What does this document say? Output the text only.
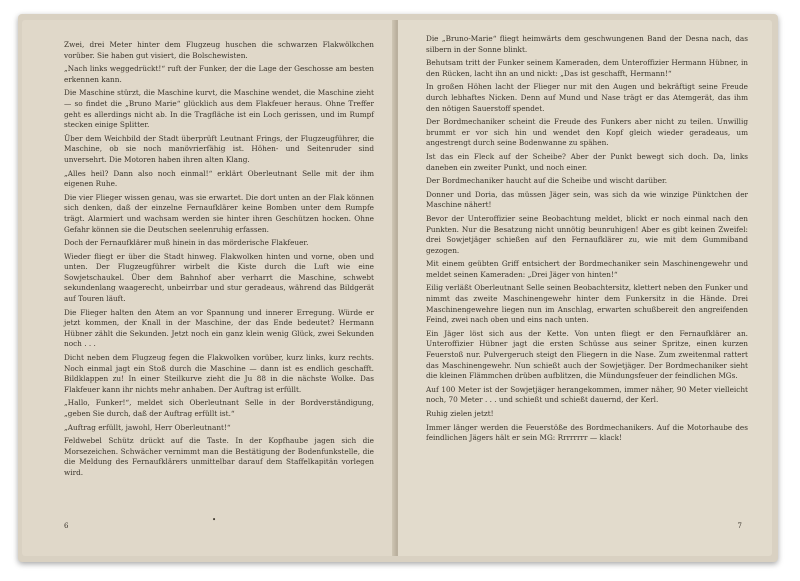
Zwei, drei Meter hinter dem Flugzeug huschen die schwarzen Flakwölkchen vorüber. Sie haben gut visiert, die Bolschewisten.

„Nach links weggedrückt!“ ruft der Funker, der die Lage der Geschosse am besten erkennen kann.

Die Maschine stürzt, die Maschine kurvt, die Maschine wendet, die Maschine zieht — so findet die „Bruno Marie“ glücklich aus dem Flakfeuer heraus. Ohne Treffer geht es allerdings nicht ab. In die Tragfläche ist ein Loch gerissen, und im Rumpf stecken einige Splitter.

Über dem Weichbild der Stadt überprüft Leutnant Frings, der Flugzeugführer, die Maschine, ob sie noch manövrierfähig ist. Höhen- und Seitenruder sind unversehrt. Die Motoren haben ihren alten Klang.

„Alles heil? Dann also noch einmal!“ erklärt Oberleutnant Selle mit der ihm eigenen Ruhe.

Die vier Flieger wissen genau, was sie erwartet. Die dort unten an der Flak können sich denken, daß der einzelne Fernaufklärer keine Bomben unter dem Rumpfe trägt. Alarmiert und wachsam werden sie hinter ihren Geschützen hocken. Ohne Gefahr können sie die Deutschen seelenruhig erfassen.

Doch der Fernaufklärer muß hinein in das mörderische Flakfeuer.

Wieder fliegt er über die Stadt hinweg. Flakwolken hinten und vorne, oben und unten. Der Flugzeugführer wirbelt die Kiste durch die Luft wie eine Sowjetschaukel. Über dem Bahnhof aber verharrt die Maschine, schwebt sekundenlang waagerecht, unbeirrbar und stur geradeaus, während das Bildgerät auf Touren läuft.

Die Flieger halten den Atem an vor Spannung und innerer Erregung. Würde er jetzt kommen, der Knall in der Maschine, der das Ende bedeutet? Hermann Hübner zählt die Sekunden. Jetzt noch ein ganz klein wenig Glück, zwei Sekunden noch . . .

Dicht neben dem Flugzeug fegen die Flakwolken vorüber, kurz links, kurz rechts. Noch einmal jagt ein Stoß durch die Maschine — dann ist es endlich geschafft. Bildklappen zu! In einer Steilkurve zieht die Ju 88 in die nächste Wolke. Das Flakfeuer kann ihr nichts mehr anhaben. Der Auftrag ist erfüllt.

„Hallo, Funker!“, meldet sich Oberleutnant Selle in der Bordverständigung, „geben Sie durch, daß der Auftrag erfüllt ist.“

„Auftrag erfüllt, jawohl, Herr Oberleutnant!“

Feldwebel Schütz drückt auf die Taste. In der Kopfhaube jagen sich die Morsezeichen. Schwächer vernimmt man die Bestätigung der Bodenfunkstelle, die die Meldung des Fernaufklärers unmittelbar darauf dem Staffelkapitän vorlegen wird.

•
6

Die „Bruno-Marie“ fliegt heimwärts dem geschwungenen Band der Desna nach, das silbern in der Sonne blinkt.

Behutsam tritt der Funker seinem Kameraden, dem Unteroffizier Hermann Hübner, in den Rücken, lacht ihn an und nickt: „Das ist geschafft, Hermann!“

In großen Höhen lacht der Flieger nur mit den Augen und bekräftigt seine Freude durch lebhaftes Nicken. Denn auf Mund und Nase trägt er das Atemgerät, das ihm den nötigen Sauerstoff spendet.

Der Bordmechaniker scheint die Freude des Funkers aber nicht zu teilen. Unwillig brummt er vor sich hin und wendet den Kopf gleich wieder geradeaus, um angestrengt durch seine Bodenwanne zu spähen.

Ist das ein Fleck auf der Scheibe? Aber der Punkt bewegt sich doch. Da, links daneben ein zweiter Punkt, und noch einer.

Der Bordmechaniker haucht auf die Scheibe und wischt darüber.

Donner und Doria, das müssen Jäger sein, was sich da wie winzige Pünktchen der Maschine nähert!

Bevor der Unteroffizier seine Beobachtung meldet, blickt er noch einmal nach den Punkten. Nur die Besatzung nicht unnötig beunruhigen! Aber es gibt keinen Zweifel: drei Sowjetjäger schießen auf den Fernaufklärer zu, wie mit dem Gummiband gezogen.

Mit einem geübten Griff entsichert der Bordmechaniker sein Maschinengewehr und meldet seinen Kameraden: „Drei Jäger von hinten!“

Eilig verläßt Oberleutnant Selle seinen Beobachtersitz, klettert neben den Funker und nimmt das zweite Maschinengewehr hinter dem Funkersitz in die Hände. Drei Maschinengewehre liegen nun im Anschlag, erwarten schußbereit den angreifenden Feind, zwei nach oben und eins nach unten.

Ein Jäger löst sich aus der Kette. Von unten fliegt er den Fernaufklärer an. Unteroffizier Hübner jagt die ersten Schüsse aus seiner Spritze, einen kurzen Feuerstoß nur. Pulvergeruch steigt den Fliegern in die Nase. Zum zweitenmal rattert das Maschinengewehr. Nun schießt auch der Sowjetjäger. Der Bordmechaniker sieht die kleinen Flämmchen drüben aufblitzen, die Mündungsfeuer der feindlichen MGs.

Auf 100 Meter ist der Sowjetjäger herangekommen, immer näher, 90 Meter vielleicht noch, 70 Meter . . . und schießt und schießt dauernd, der Kerl.

Ruhig zielen jetzt!

Immer länger werden die Feuerstöße des Bordmechanikers. Auf die Motorhaube des feindlichen Jägers hält er sein MG: Rrrrrrrr — klack!

7
